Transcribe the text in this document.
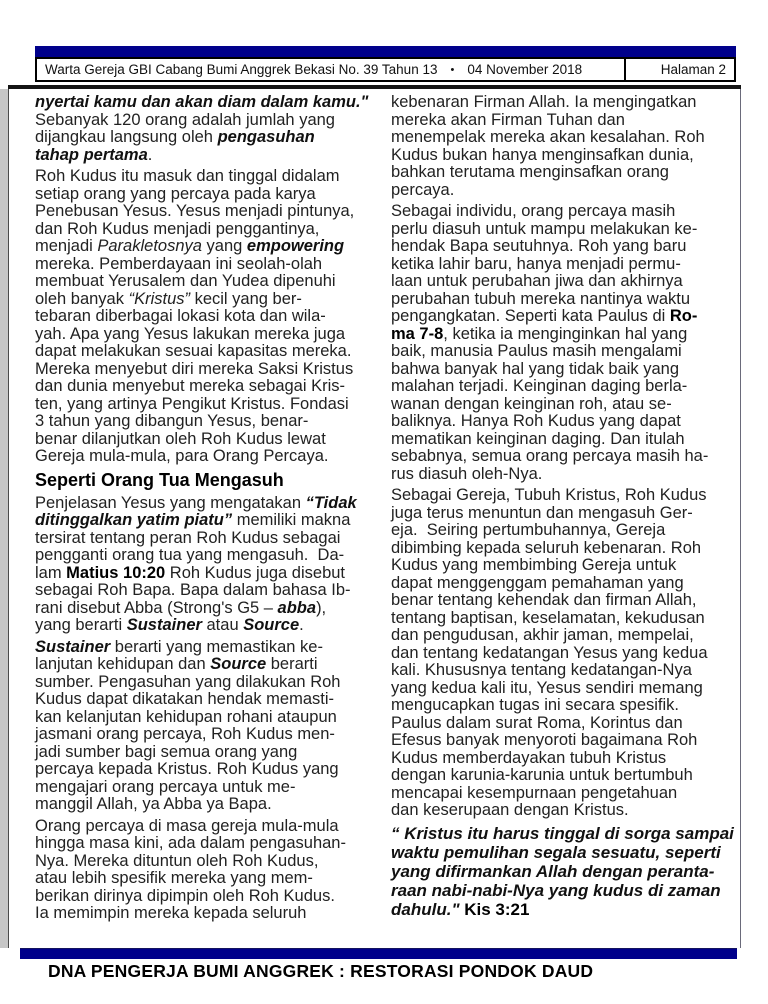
Warta Gereja GBI Cabang Bumi Anggrek Bekasi No. 39 Tahun 13 • 04 November 2018	Halaman 2
nyertai kamu dan akan diam dalam kamu."
Sebanyak 120 orang adalah jumlah yang
dijangkau langsung oleh pengasuhan
tahap pertama.
Roh Kudus itu masuk dan tinggal didalam
setiap orang yang percaya pada karya
Penebusan Yesus. Yesus menjadi pintunya,
dan Roh Kudus menjadi penggantinya,
menjadi Parakletosnya yang empowering
mereka. Pemberdayaan ini seolah-olah
membuat Yerusalem dan Yudea dipenuhi
oleh banyak “Kristus” kecil yang ber-
tebaran diberbagai lokasi kota dan wila-
yah. Apa yang Yesus lakukan mereka juga
dapat melakukan sesuai kapasitas mereka.
Mereka menyebut diri mereka Saksi Kristus
dan dunia menyebut mereka sebagai Kris-
ten, yang artinya Pengikut Kristus. Fondasi
3 tahun yang dibangun Yesus, benar-
benar dilanjutkan oleh Roh Kudus lewat
Gereja mula-mula, para Orang Percaya.
Seperti Orang Tua Mengasuh
Penjelasan Yesus yang mengatakan “Tidak
ditinggalkan yatim piatu” memiliki makna
tersirat tentang peran Roh Kudus sebagai
pengganti orang tua yang mengasuh.  Da-
lam Matius 10:20 Roh Kudus juga disebut
sebagai Roh Bapa. Bapa dalam bahasa Ib-
rani disebut Abba (Strong's G5 – abba),
yang berarti Sustainer atau Source.
Sustainer berarti yang memastikan ke-
lanjutan kehidupan dan Source berarti
sumber. Pengasuhan yang dilakukan Roh
Kudus dapat dikatakan hendak memasti-
kan kelanjutan kehidupan rohani ataupun
jasmani orang percaya, Roh Kudus men-
jadi sumber bagi semua orang yang
percaya kepada Kristus. Roh Kudus yang
mengajari orang percaya untuk me-
manggil Allah, ya Abba ya Bapa.
Orang percaya di masa gereja mula-mula
hingga masa kini, ada dalam pengasuhan-
Nya. Mereka dituntun oleh Roh Kudus,
atau lebih spesifik mereka yang mem-
berikan dirinya dipimpin oleh Roh Kudus.
Ia memimpin mereka kepada seluruh
kebenaran Firman Allah. Ia mengingatkan
mereka akan Firman Tuhan dan
menempelak mereka akan kesalahan. Roh
Kudus bukan hanya menginsafkan dunia,
bahkan terutama menginsafkan orang
percaya.
Sebagai individu, orang percaya masih
perlu diasuh untuk mampu melakukan ke-
hendak Bapa seutuhnya. Roh yang baru
ketika lahir baru, hanya menjadi permu-
laan untuk perubahan jiwa dan akhirnya
perubahan tubuh mereka nantinya waktu
pengangkatan. Seperti kata Paulus di Ro-
ma 7-8, ketika ia menginginkan hal yang
baik, manusia Paulus masih mengalami
bahwa banyak hal yang tidak baik yang
malahan terjadi. Keinginan daging berla-
wanan dengan keinginan roh, atau se-
baliknya. Hanya Roh Kudus yang dapat
mematikan keinginan daging. Dan itulah
sebabnya, semua orang percaya masih ha-
rus diasuh oleh-Nya.
Sebagai Gereja, Tubuh Kristus, Roh Kudus
juga terus menuntun dan mengasuh Ger-
eja.  Seiring pertumbuhannya, Gereja
dibimbing kepada seluruh kebenaran. Roh
Kudus yang membimbing Gereja untuk
dapat menggenggam pemahaman yang
benar tentang kehendak dan firman Allah,
tentang baptisan, keselamatan, kekudusan
dan pengudusan, akhir jaman, mempelai,
dan tentang kedatangan Yesus yang kedua
kali. Khususnya tentang kedatangan-Nya
yang kedua kali itu, Yesus sendiri memang
mengucapkan tugas ini secara spesifik.
Paulus dalam surat Roma, Korintus dan
Efesus banyak menyoroti bagaimana Roh
Kudus memberdayakan tubuh Kristus
dengan karunia-karunia untuk bertumbuh
mencapai kesempurnaan pengetahuan
dan keserupaan dengan Kristus.
“ Kristus itu harus tinggal di sorga sampai
waktu pemulihan segala sesuatu, seperti
yang difirmankan Allah dengan peranta-
raan nabi-nabi-Nya yang kudus di zaman
dahulu." Kis 3:21
DNA PENGERJA BUMI ANGGREK : RESTORASI PONDOK DAUD
